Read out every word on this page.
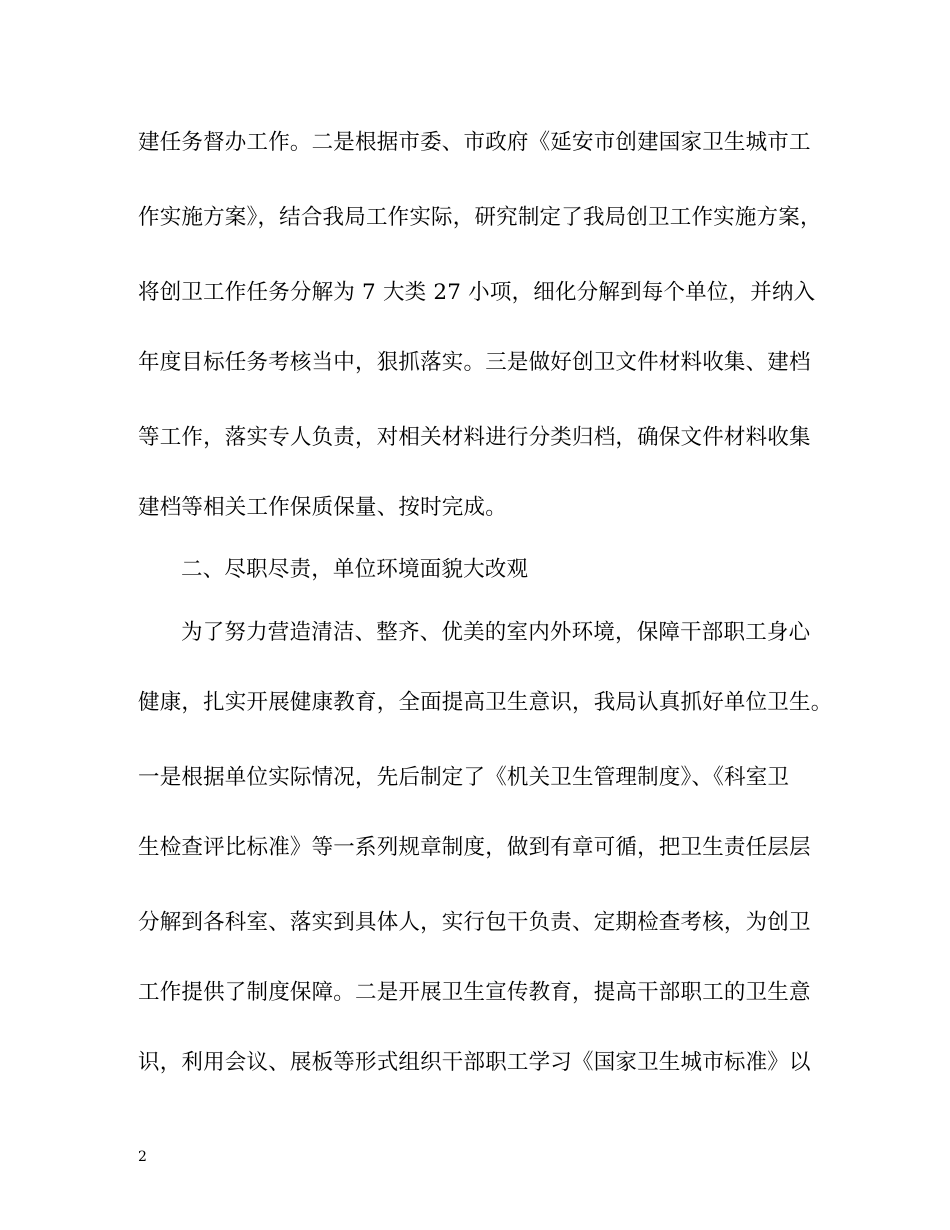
建任务督办工作。二是根据市委、市政府《延安市创建国家卫生城市工
作实施方案》，结合我局工作实际，研究制定了我局创卫工作实施方案，
将创卫工作任务分解为 7 大类 27 小项，细化分解到每个单位，并纳入
年度目标任务考核当中，狠抓落实。三是做好创卫文件材料收集、建档
等工作，落实专人负责，对相关材料进行分类归档，确保文件材料收集
建档等相关工作保质保量、按时完成。
二、尽职尽责，单位环境面貌大改观
为了努力营造清洁、整齐、优美的室内外环境，保障干部职工身心
健康，扎实开展健康教育，全面提高卫生意识，我局认真抓好单位卫生。
一是根据单位实际情况，先后制定了《机关卫生管理制度》、《科室卫
生检查评比标准》等一系列规章制度，做到有章可循，把卫生责任层层
分解到各科室、落实到具体人，实行包干负责、定期检查考核，为创卫
工作提供了制度保障。二是开展卫生宣传教育，提高干部职工的卫生意
识，利用会议、展板等形式组织干部职工学习《国家卫生城市标准》以
2
